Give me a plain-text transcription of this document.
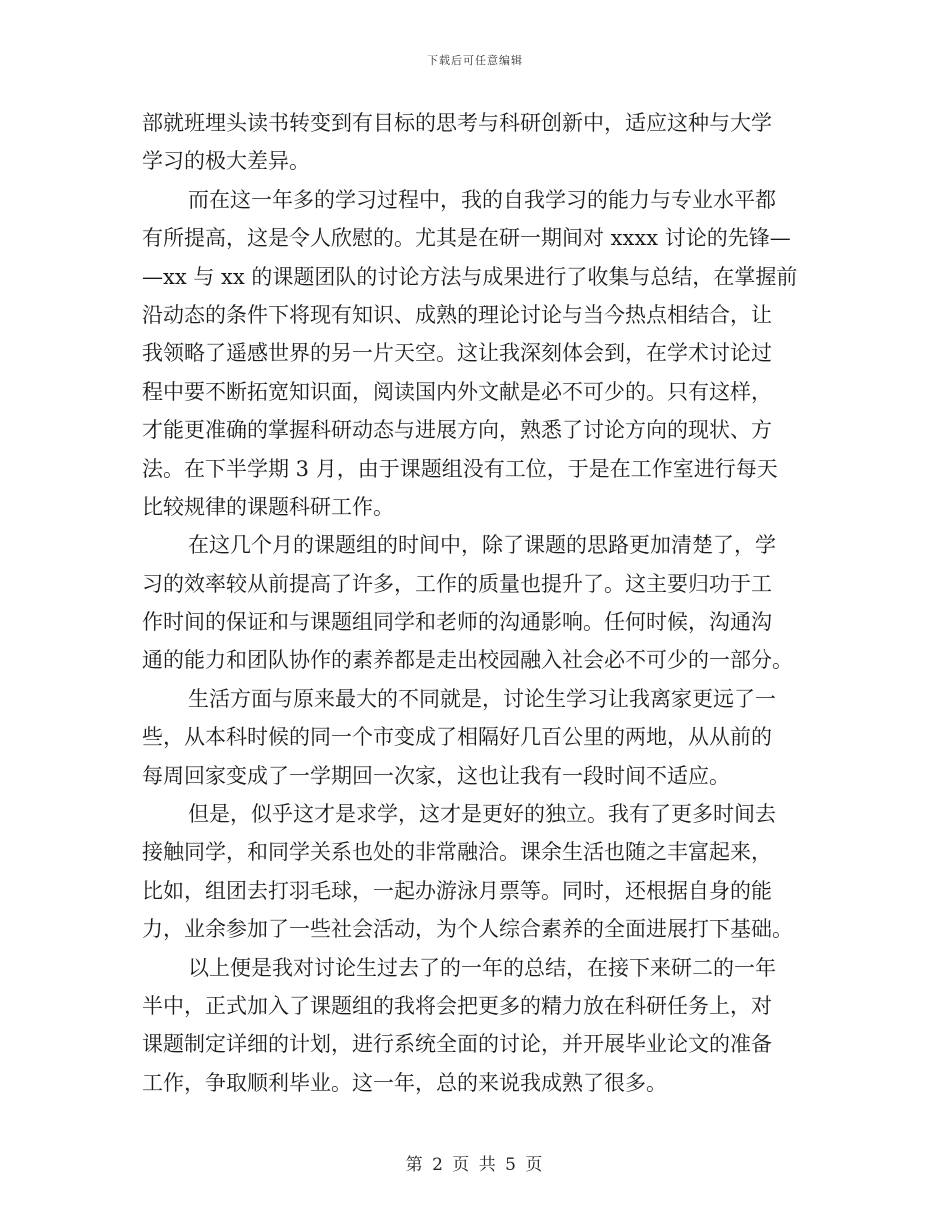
下载后可任意编辑
部就班埋头读书转变到有目标的思考与科研创新中，适应这种与大学
学习的极大差异。
而在这一年多的学习过程中，我的自我学习的能力与专业水平都
有所提高，这是令人欣慰的。尤其是在研一期间对 xxxx 讨论的先锋—
—xx 与 xx 的课题团队的讨论方法与成果进行了收集与总结，在掌握前
沿动态的条件下将现有知识、成熟的理论讨论与当今热点相结合，让
我领略了遥感世界的另一片天空。这让我深刻体会到，在学术讨论过
程中要不断拓宽知识面，阅读国内外文献是必不可少的。只有这样，
才能更准确的掌握科研动态与进展方向，熟悉了讨论方向的现状、方
法。在下半学期 3 月，由于课题组没有工位，于是在工作室进行每天
比较规律的课题科研工作。
在这几个月的课题组的时间中，除了课题的思路更加清楚了，学
习的效率较从前提高了许多，工作的质量也提升了。这主要归功于工
作时间的保证和与课题组同学和老师的沟通影响。任何时候，沟通沟
通的能力和团队协作的素养都是走出校园融入社会必不可少的一部分。
生活方面与原来最大的不同就是，讨论生学习让我离家更远了一
些，从本科时候的同一个市变成了相隔好几百公里的两地，从从前的
每周回家变成了一学期回一次家，这也让我有一段时间不适应。
但是，似乎这才是求学，这才是更好的独立。我有了更多时间去
接触同学，和同学关系也处的非常融洽。课余生活也随之丰富起来，
比如，组团去打羽毛球，一起办游泳月票等。同时，还根据自身的能
力，业余参加了一些社会活动，为个人综合素养的全面进展打下基础。
以上便是我对讨论生过去了的一年的总结，在接下来研二的一年
半中，正式加入了课题组的我将会把更多的精力放在科研任务上，对
课题制定详细的计划，进行系统全面的讨论，并开展毕业论文的准备
工作，争取顺利毕业。这一年，总的来说我成熟了很多。
第 2 页 共 5 页
